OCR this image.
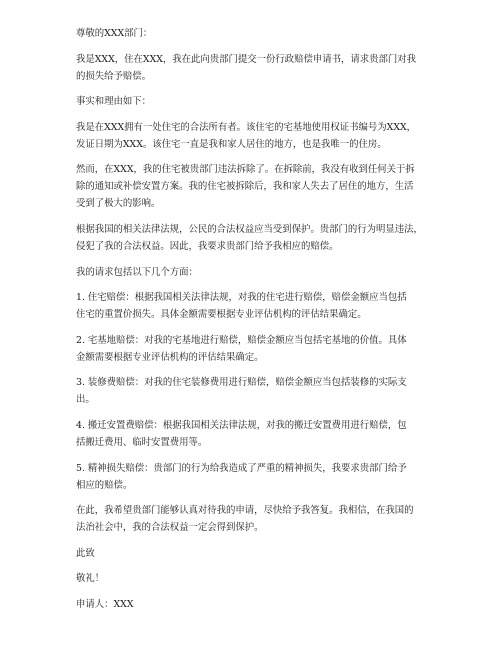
尊敬的XXX部门：

我是XXX，住在XXX，我在此向贵部门提交一份行政赔偿申请书，请求贵部门对我
的损失给予赔偿。

事实和理由如下：

我是在XXX拥有一处住宅的合法所有者。该住宅的宅基地使用权证书编号为XXX，
发证日期为XXX。该住宅一直是我和家人居住的地方，也是我唯一的住房。

然而，在XXX，我的住宅被贵部门违法拆除了。在拆除前，我没有收到任何关于拆
除的通知或补偿安置方案。我的住宅被拆除后，我和家人失去了居住的地方，生活
受到了极大的影响。

根据我国的相关法律法规，公民的合法权益应当受到保护。贵部门的行为明显违法，
侵犯了我的合法权益。因此，我要求贵部门给予我相应的赔偿。

我的请求包括以下几个方面：

1. 住宅赔偿：根据我国相关法律法规，对我的住宅进行赔偿，赔偿金额应当包括
住宅的重置价损失。具体金额需要根据专业评估机构的评估结果确定。

2. 宅基地赔偿：对我的宅基地进行赔偿，赔偿金额应当包括宅基地的价值。具体
金额需要根据专业评估机构的评估结果确定。

3. 装修费赔偿：对我的住宅装修费用进行赔偿，赔偿金额应当包括装修的实际支
出。

4. 搬迁安置费赔偿：根据我国相关法律法规，对我的搬迁安置费用进行赔偿，包
括搬迁费用、临时安置费用等。

5. 精神损失赔偿：贵部门的行为给我造成了严重的精神损失，我要求贵部门给予
相应的赔偿。

在此，我希望贵部门能够认真对待我的申请，尽快给予我答复。我相信，在我国的
法治社会中，我的合法权益一定会得到保护。

此致

敬礼！

申请人：XXX
